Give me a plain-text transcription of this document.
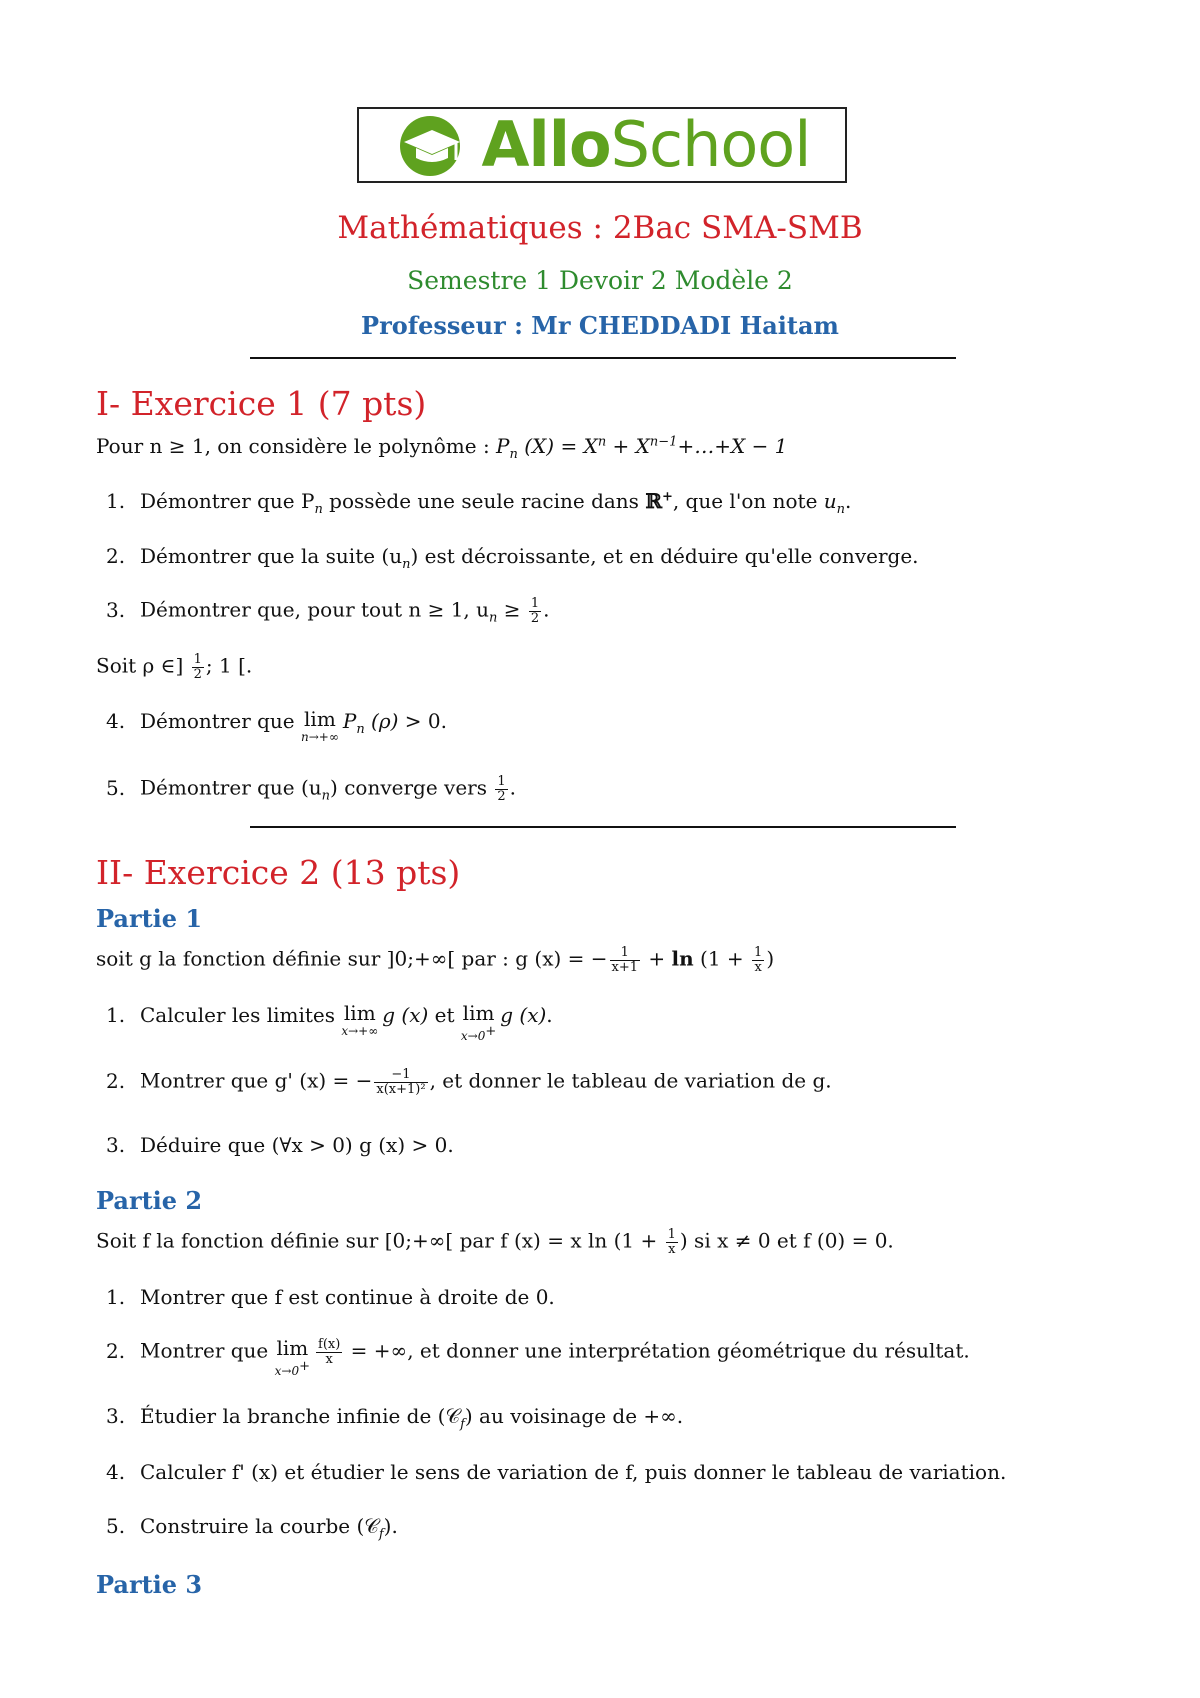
AlloSchool
Mathématiques : 2Bac SMA-SMB
Semestre 1 Devoir 2 Modèle 2
Professeur : Mr CHEDDADI Haitam
I- Exercice 1 (7 pts)
Pour n ≥ 1, on considère le polynôme : $P_n$ $(X) = X^n$ + $X^{n-1}+\dots+X - 1$
1. Démontrer que $P_n$ possède une seule racine dans ℝ+, que l'on note $u_n$.
2. Démontrer que la suite $(u_n)$ est décroissante, et en déduire qu'elle converge.
3. Démontrer que, pour tout n ≥ 1, $u_n \ge \frac{1}{2}$ .
Soit ρ ∈] $\frac{1}{2}$ ; 1 [.
4. Démontrer que lim
n→+∞
$P_n$ (ρ) > 0.
5. Démontrer que $(u_n)$ converge vers $\frac{1}{2}$ .
II- Exercice 2 (13 pts)
Partie 1
soit g la fonction définie sur ]0;+∞[ par : g (x) = − $\frac{1}{x+1} + \ln (1 + \frac{1}{x}$ )
1. Calculer les limites lim
x→+∞
g (x) et lim
x→0+
g (x).
2. Montrer que g' (x) = − $\frac{-1}{\text{x(x+1)²}}$ , et donner le tableau de variation de g.
3. Déduire que (∀x > 0) g (x) > 0.
Partie 2
Soit f la fonction définie sur [0;+∞[ par f (x) = x $\ln (1 + \frac{1}{x}$ ) si x ≠ 0 et f (0) = 0.
1. Montrer que f est continue à droite de 0.
2. Montrer que lim
x→0+
$\frac{f(x)}{x}$ = +∞, et donner une interprétation géométrique du résultat.
3. Étudier la branche infinie de (𝒞$_f$) au voisinage de +∞.
4. Calculer f' (x) et étudier le sens de variation de f, puis donner le tableau de variation.
5. Construire la courbe (𝒞$_f$).
Partie 3
